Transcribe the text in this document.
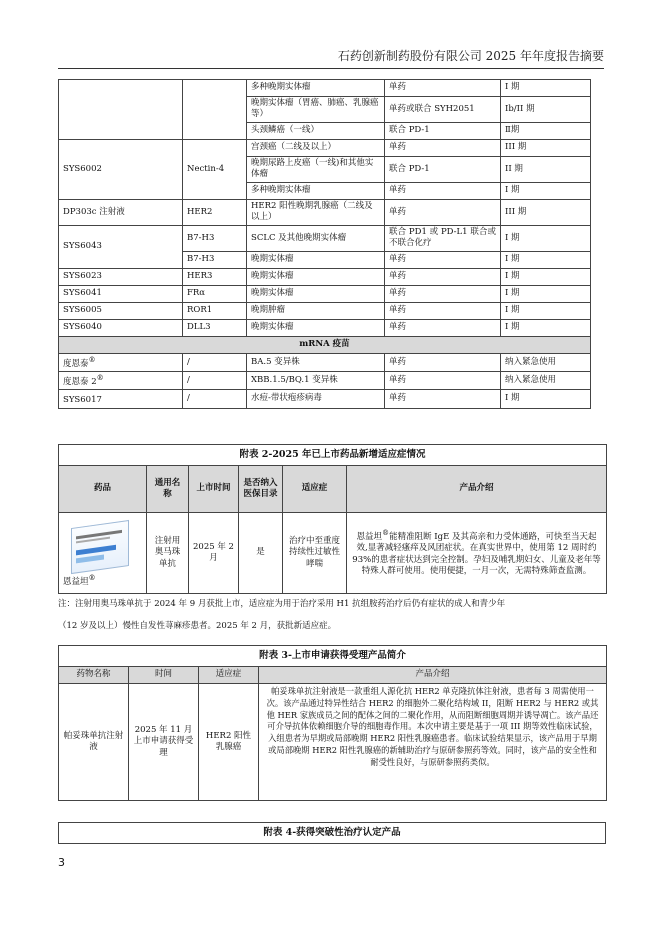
石药创新制药股份有限公司 2025 年年度报告摘要
		多种晚期实体瘤	单药	I 期
		晚期实体瘤（胃癌、肺癌、乳腺癌等）	单药或联合 SYH2051	Ib/II 期
		头颈鳞癌（一线）	联合 PD-1	Ⅱ期
SYS6002	Nectin-4	宫颈癌（二线及以上）	单药	III 期
		晚期尿路上皮癌（一线)和其他实体瘤	联合 PD-1	II 期
		多种晚期实体瘤	单药	I 期
DP303c 注射液	HER2	HER2 阳性晚期乳腺癌（二线及以上）	单药	III 期
SYS6043	B7-H3	SCLC 及其他晚期实体瘤	联合 PD1 或 PD-L1 联合或不联合化疗	I 期
	B7-H3	晚期实体瘤	单药	I 期
SYS6023	HER3	晚期实体瘤	单药	I 期
SYS6041	FRα	晚期实体瘤	单药	I 期
SYS6005	ROR1	晚期肿瘤	单药	I 期
SYS6040	DLL3	晚期实体瘤	单药	I 期
mRNA 疫苗				
度恩泰®	/	BA.5 变异株	单药	纳入紧急使用
度恩泰 2®	/	XBB.1.5/BQ.1 变异株	单药	纳入紧急使用
SYS6017	/	水痘-带状疱疹病毒	单药	I 期
附表 2-2025 年已上市药品新增适应症情况					
药品	通用名称	上市时间	是否纳入医保目录	适应症	产品介绍

恩益坦®	注射用奥马珠单抗	2025 年 2 月	是	治疗中至重度持续性过敏性哮喘	恩益坦®能精准阻断 IgE 及其高亲和力受体通路，可快至当天起效,显著减轻瘙痒及风团症状。在真实世界中，使用第 12 周时约 93%的患者症状达到完全控制。孕妇及哺乳期妇女、儿童及老年等特殊人群可使用。使用便捷，一月一次，无需特殊筛查监测。
注：注射用奥马珠单抗于 2024 年 9 月获批上市，适应症为用于治疗采用 H1 抗组胺药治疗后仍有症状的成人和青少年
（12 岁及以上）慢性自发性荨麻疹患者。2025 年 2 月，获批新适应症。
附表 3-上市申请获得受理产品简介			
药物名称	时间	适应症	产品介绍
帕妥珠单抗注射液	2025 年 11 月上市申请获得受理	HER2 阳性乳腺癌	帕妥珠单抗注射液是一款重组人源化抗 HER2 单克隆抗体注射液，患者每 3 周需使用一次。该产品通过特异性结合 HER2 的细胞外二聚化结构域 II，阻断 HER2 与 HER2 或其他 HER 家族成员之间的配体之间的二聚化作用，从而阻断细胞周期并诱导凋亡。该产品还可介导抗体依赖细胞介导的细胞毒作用。本次申请主要是基于一项 III 期等效性临床试验，入组患者为早期或局部晚期 HER2 阳性乳腺癌患者。临床试验结果显示，该产品用于早期或局部晚期 HER2 阳性乳腺癌的新辅助治疗与原研参照药等效。同时，该产品的安全性和耐受性良好，与原研参照药类似。
附表 4-获得突破性治疗认定产品
3
